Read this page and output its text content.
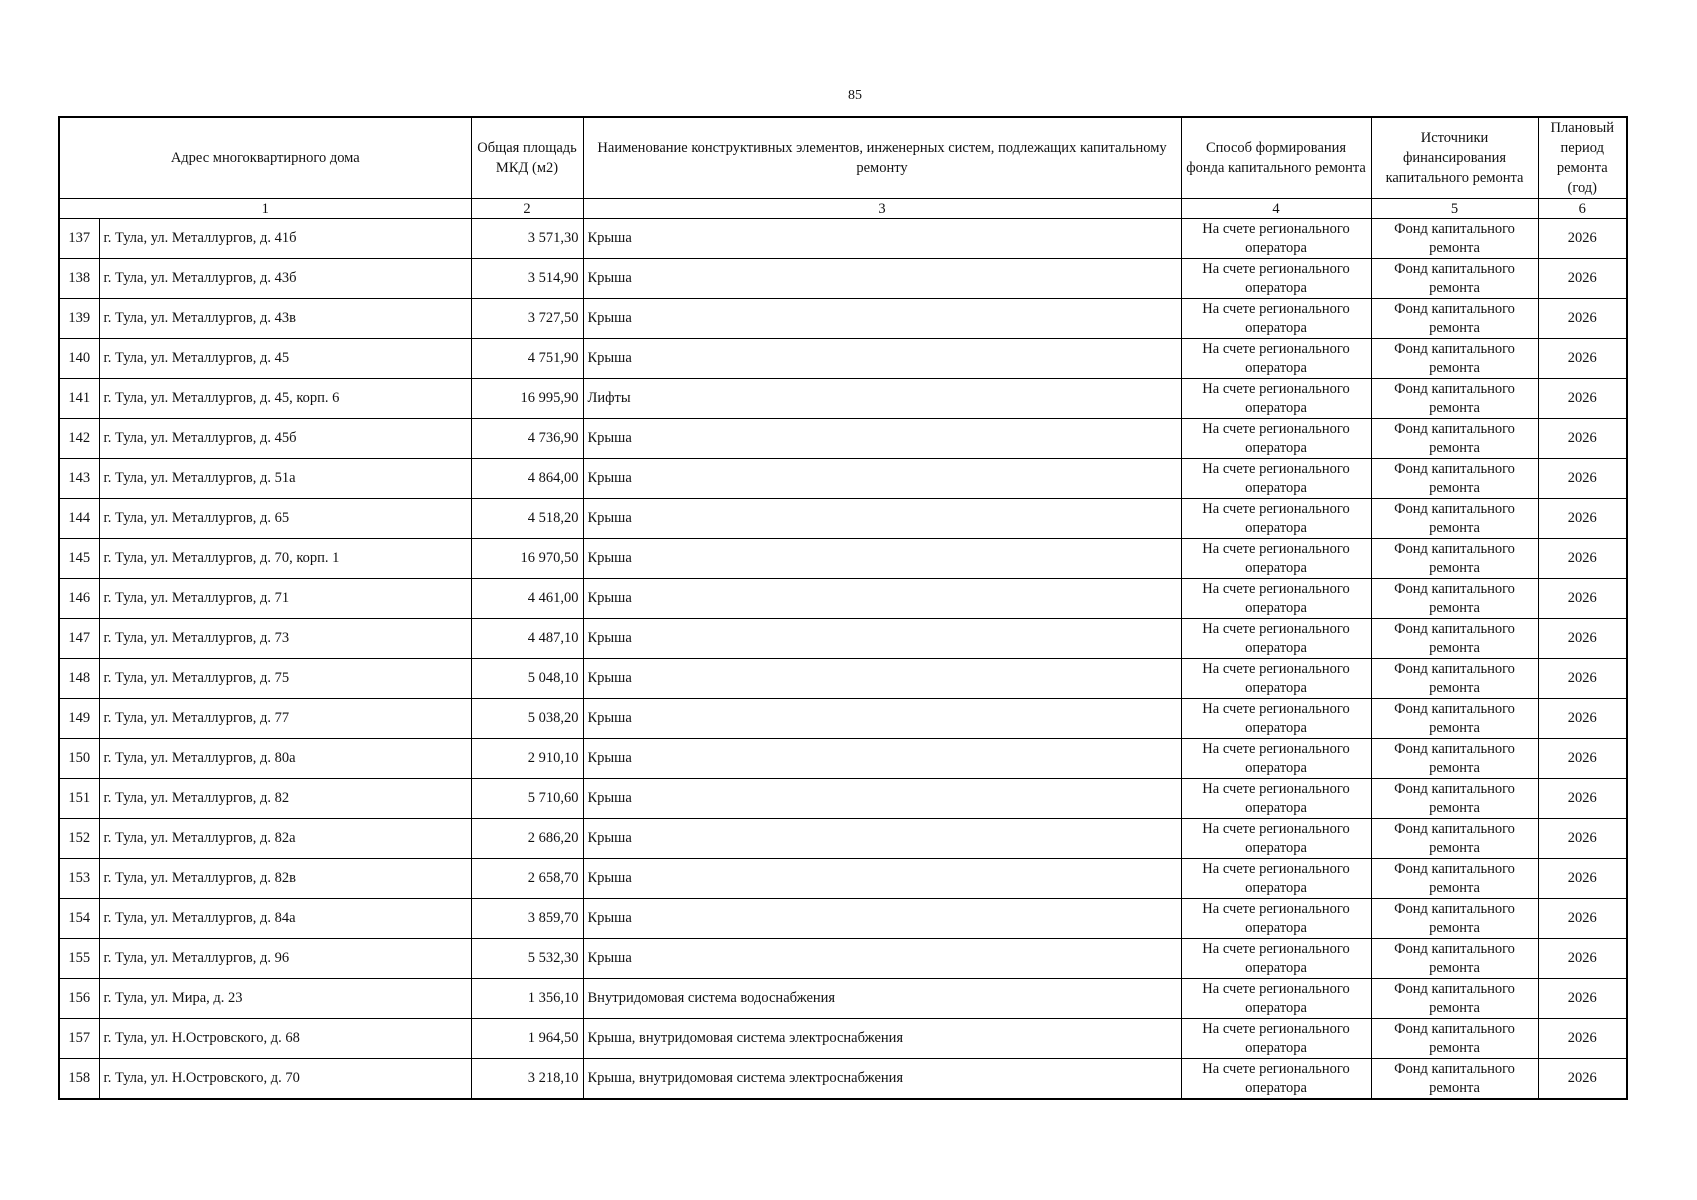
85
Адрес многоквартирного дома		Общая площадь МКД (м2)	Наименование конструктивных элементов, инженерных систем, подлежащих капитальному ремонту	Способ формирования фонда капитального ремонта	Источники финансирования капитального ремонта	Плановый период ремонта (год)
1		2	3	4	5	6
137	г. Тула, ул. Металлургов, д. 41б	3 571,30	Крыша	На счете регионального оператора	Фонд капитального ремонта	2026
138	г. Тула, ул. Металлургов, д. 43б	3 514,90	Крыша	На счете регионального оператора	Фонд капитального ремонта	2026
139	г. Тула, ул. Металлургов, д. 43в	3 727,50	Крыша	На счете регионального оператора	Фонд капитального ремонта	2026
140	г. Тула, ул. Металлургов, д. 45	4 751,90	Крыша	На счете регионального оператора	Фонд капитального ремонта	2026
141	г. Тула, ул. Металлургов, д. 45, корп. 6	16 995,90	Лифты	На счете регионального оператора	Фонд капитального ремонта	2026
142	г. Тула, ул. Металлургов, д. 45б	4 736,90	Крыша	На счете регионального оператора	Фонд капитального ремонта	2026
143	г. Тула, ул. Металлургов, д. 51а	4 864,00	Крыша	На счете регионального оператора	Фонд капитального ремонта	2026
144	г. Тула, ул. Металлургов, д. 65	4 518,20	Крыша	На счете регионального оператора	Фонд капитального ремонта	2026
145	г. Тула, ул. Металлургов, д. 70, корп. 1	16 970,50	Крыша	На счете регионального оператора	Фонд капитального ремонта	2026
146	г. Тула, ул. Металлургов, д. 71	4 461,00	Крыша	На счете регионального оператора	Фонд капитального ремонта	2026
147	г. Тула, ул. Металлургов, д. 73	4 487,10	Крыша	На счете регионального оператора	Фонд капитального ремонта	2026
148	г. Тула, ул. Металлургов, д. 75	5 048,10	Крыша	На счете регионального оператора	Фонд капитального ремонта	2026
149	г. Тула, ул. Металлургов, д. 77	5 038,20	Крыша	На счете регионального оператора	Фонд капитального ремонта	2026
150	г. Тула, ул. Металлургов, д. 80а	2 910,10	Крыша	На счете регионального оператора	Фонд капитального ремонта	2026
151	г. Тула, ул. Металлургов, д. 82	5 710,60	Крыша	На счете регионального оператора	Фонд капитального ремонта	2026
152	г. Тула, ул. Металлургов, д. 82а	2 686,20	Крыша	На счете регионального оператора	Фонд капитального ремонта	2026
153	г. Тула, ул. Металлургов, д. 82в	2 658,70	Крыша	На счете регионального оператора	Фонд капитального ремонта	2026
154	г. Тула, ул. Металлургов, д. 84а	3 859,70	Крыша	На счете регионального оператора	Фонд капитального ремонта	2026
155	г. Тула, ул. Металлургов, д. 96	5 532,30	Крыша	На счете регионального оператора	Фонд капитального ремонта	2026
156	г. Тула, ул. Мира, д. 23	1 356,10	Внутридомовая система водоснабжения	На счете регионального оператора	Фонд капитального ремонта	2026
157	г. Тула, ул. Н.Островского, д. 68	1 964,50	Крыша, внутридомовая система электроснабжения	На счете регионального оператора	Фонд капитального ремонта	2026
158	г. Тула, ул. Н.Островского, д. 70	3 218,10	Крыша, внутридомовая система электроснабжения	На счете регионального оператора	Фонд капитального ремонта	2026
